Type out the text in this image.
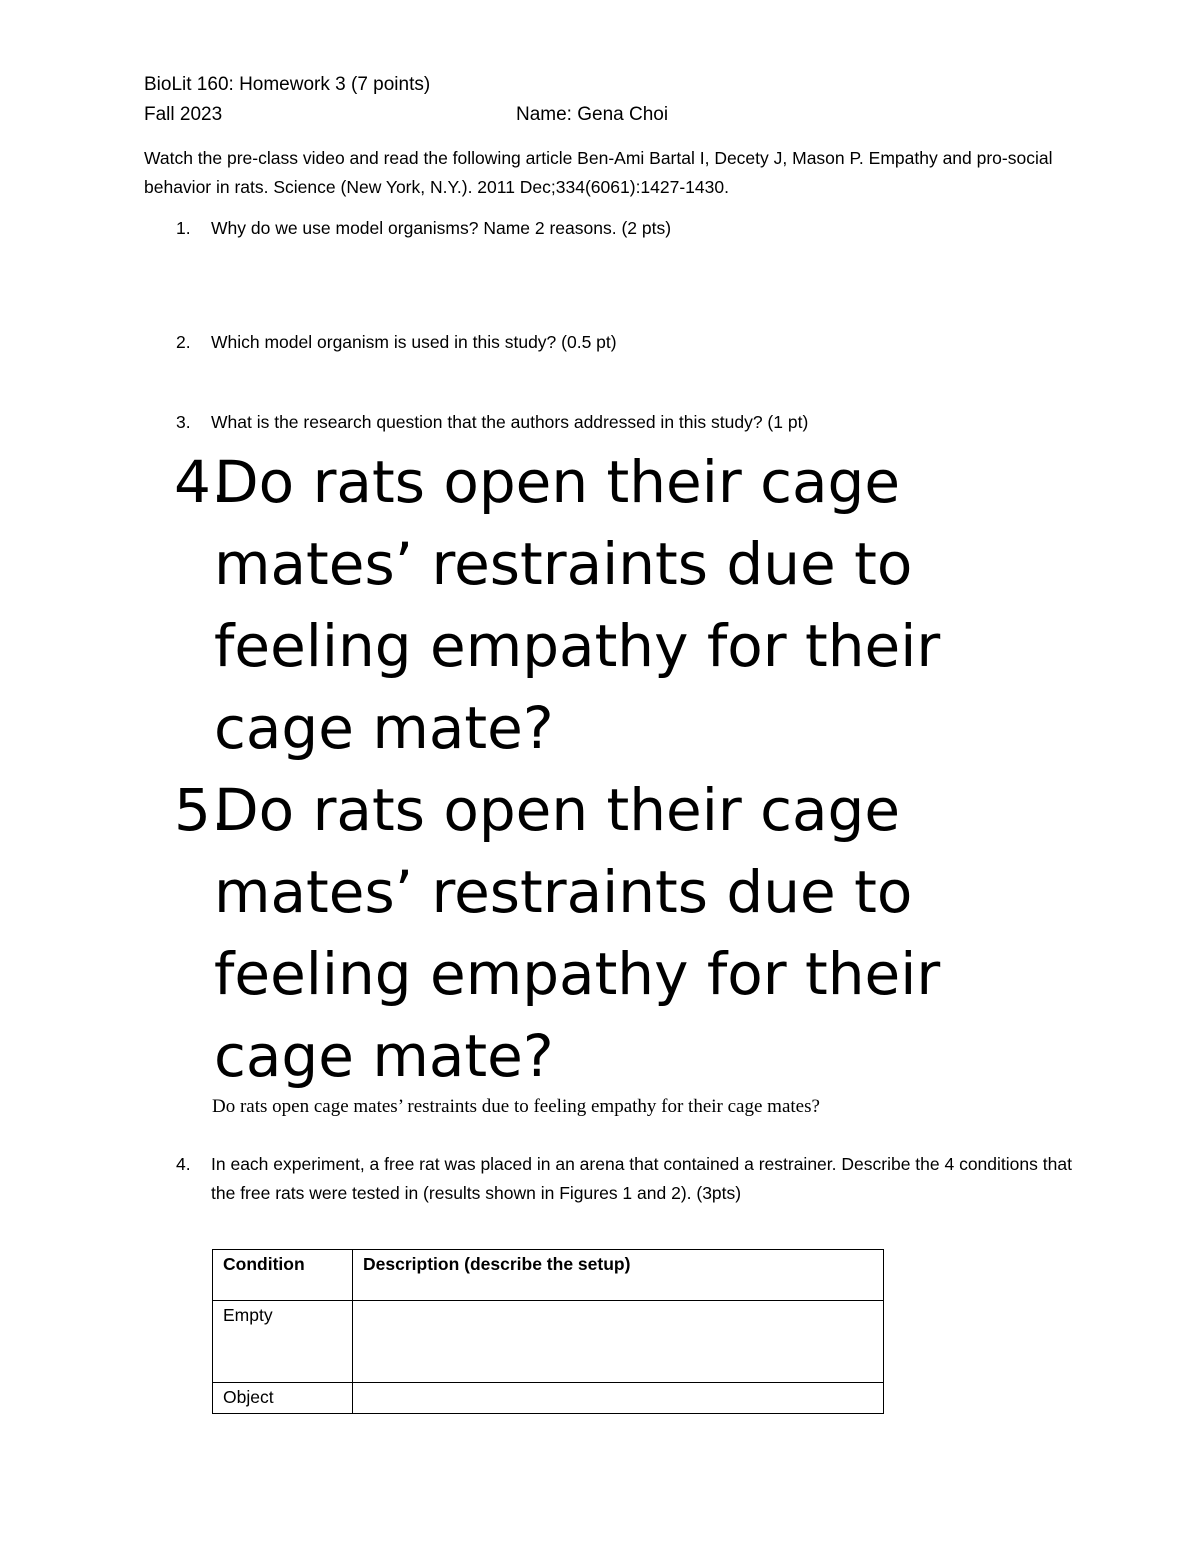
BioLit 160: Homework 3 (7 points)
Fall 2023	Name: Gena Choi
Watch the pre-class video and read the following article Ben-Ami Bartal I, Decety J, Mason P. Empathy and pro-social behavior in rats. Science (New York, N.Y.). 2011 Dec;334(6061):1427-1430.
1. Why do we use model organisms? Name 2 reasons. (2 pts)
2. Which model organism is used in this study? (0.5 pt)
3. What is the research question that the authors addressed in this study? (1 pt)
4.
Do rats open their cage mates’ restraints due to feeling empathy for their cage mate?
5.
Do rats open their cage mates’ restraints due to feeling empathy for their cage mate?
Do rats open cage mates’ restraints due to feeling empathy for their cage mates?
4. In each experiment, a free rat was placed in an arena that contained a restrainer. Describe the 4 conditions that the free rats were tested in (results shown in Figures 1 and 2). (3pts)
Condition	Description (describe the setup)
Empty	
Object	
